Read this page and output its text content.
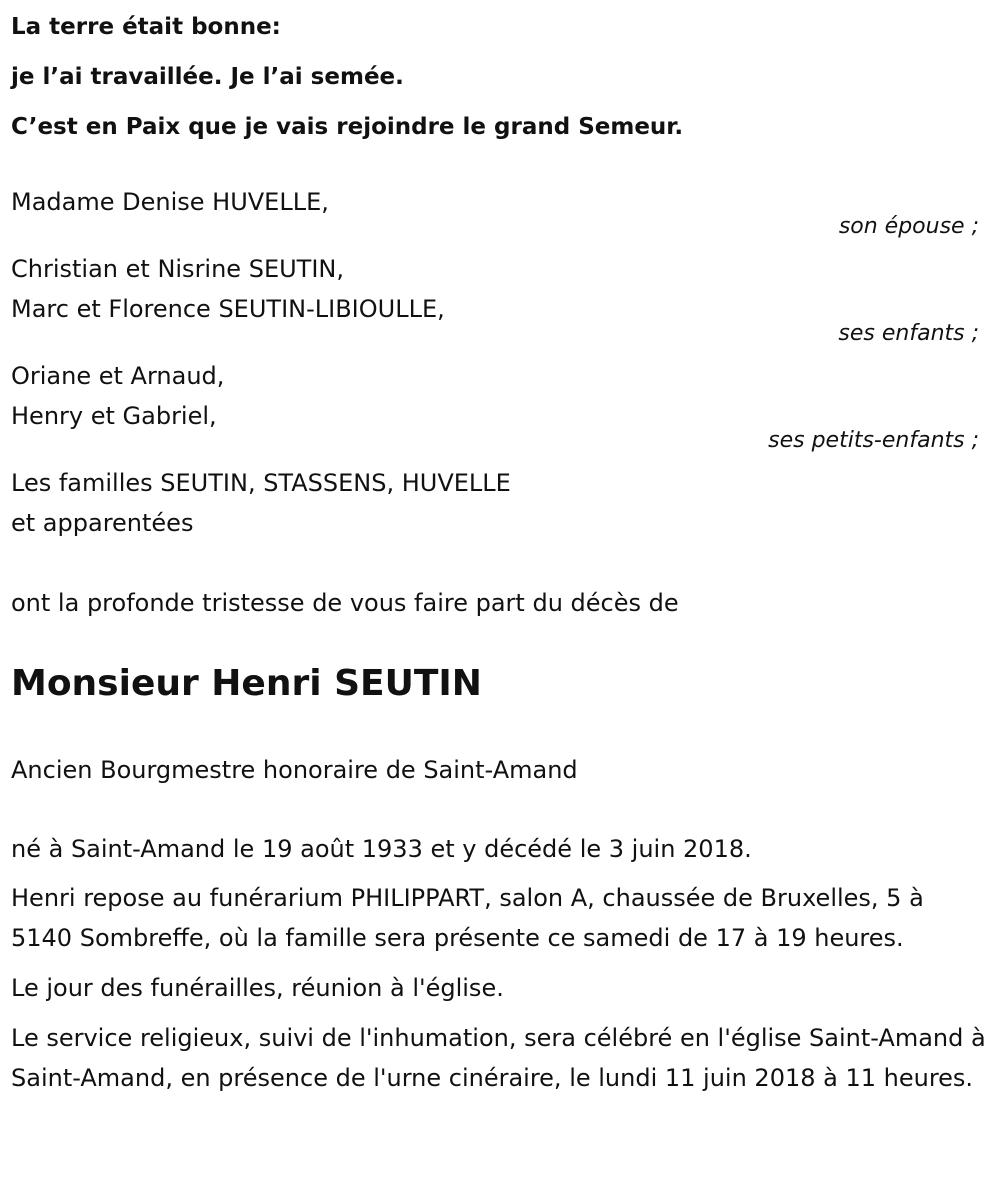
La terre était bonne:
je l’ai travaillée. Je l’ai semée.
C’est en Paix que je vais rejoindre le grand Semeur.
Madame Denise HUVELLE,
son épouse ;
Christian et Nisrine SEUTIN,
Marc et Florence SEUTIN-LIBIOULLE,
ses enfants ;
Oriane et Arnaud,
Henry et Gabriel,
ses petits-enfants ;
Les familles SEUTIN, STASSENS, HUVELLE
et apparentées

ont la profonde tristesse de vous faire part du décès de

Monsieur Henri SEUTIN

Ancien Bourgmestre honoraire de Saint-Amand

né à Saint-Amand le 19 août 1933 et y décédé le 3 juin 2018.

Henri repose au funérarium PHILIPPART, salon A, chaussée de Bruxelles, 5 à 5140 Sombreffe, où la famille sera présente ce samedi de 17 à 19 heures.

Le jour des funérailles, réunion à l'église.

Le service religieux, suivi de l'inhumation, sera célébré en l'église Saint-Amand à Saint-Amand, en présence de l'urne cinéraire, le lundi 11 juin 2018 à 11 heures.
